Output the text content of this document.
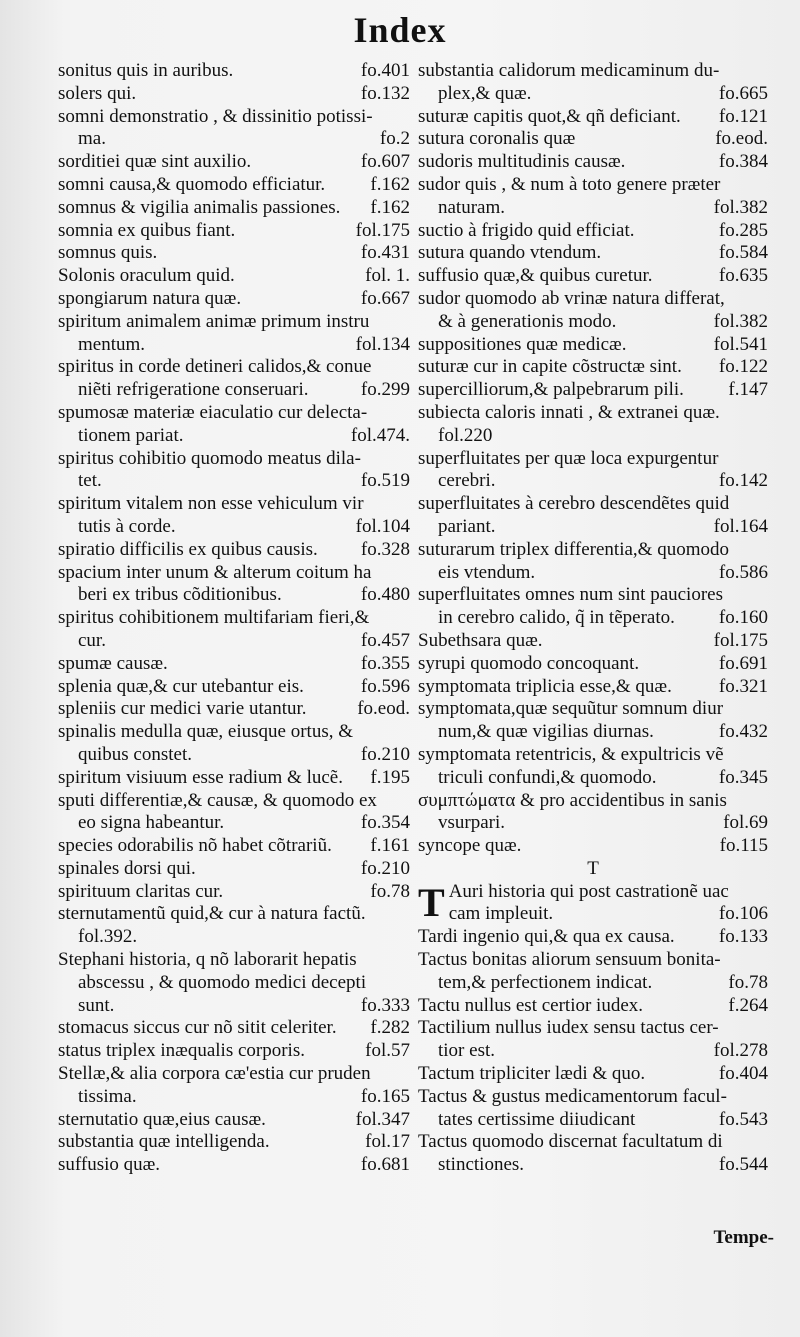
Index
sonitus quis in auribus.	fo.401
solers qui.	fo.132
somni demonstratio , & dissinitio potissi-
ma.	fo.2
sorditiei quæ sint auxilio.	fo.607
somni causa,& quomodo efficiatur.	f.162
somnus & vigilia animalis passiones.	f.162
somnia ex quibus fiant.	fol.175
somnus quis.	fo.431
Solonis oraculum quid.	fol. 1.
spongiarum natura quæ.	fo.667
spiritum animalem animæ primum instru
mentum.	fol.134
spiritus in corde detineri calidos,& conue
niẽti refrigeratione conseruari.	fo.299
spumosæ materiæ eiaculatio cur delecta-
tionem pariat.	fol.474.
spiritus cohibitio quomodo meatus dila-
tet.	fo.519
spiritum vitalem non esse vehiculum vir
tutis à corde.	fol.104
spiratio difficilis ex quibus causis.	fo.328
spacium inter unum & alterum coitum ha
beri ex tribus cõditionibus.	fo.480
spiritus cohibitionem multifariam fieri,&
cur.	fo.457
spumæ causæ.	fo.355
splenia quæ,& cur utebantur eis.	fo.596
spleniis cur medici varie utantur.	fo.eod.
spinalis medulla quæ, eiusque ortus, &
quibus constet.	fo.210
spiritum visiuum esse radium & lucẽ.	f.195
sputi differentiæ,& causæ, & quomodo ex
eo signa habeantur.	fo.354
species odorabilis nõ habet cõtrariũ.	f.161
spinales dorsi qui.	fo.210
spirituum claritas cur.	fo.78
sternutamentũ quid,& cur à natura factũ.
fol.392.
Stephani historia, q nõ laborarit hepatis
abscessu , & quomodo medici decepti
sunt.	fo.333
stomacus siccus cur nõ sitit celeriter.	f.282
status triplex inæqualis corporis.	fol.57
Stellæ,& alia corpora cæ'estia cur pruden
tissima.	fo.165
sternutatio quæ,eius causæ.	fol.347
substantia quæ intelligenda.	fol.17
suffusio quæ.	fo.681
substantia calidorum medicaminum du-
plex,& quæ.	fo.665
suturæ capitis quot,& qñ deficiant.	fo.121
sutura coronalis quæ	fo.eod.
sudoris multitudinis causæ.	fo.384
sudor quis , & num à toto genere præter
naturam.	fol.382
suctio à frigido quid efficiat.	fo.285
sutura quando vtendum.	fo.584
suffusio quæ,& quibus curetur.	fo.635
sudor quomodo ab vrinæ natura differat,
& à generationis modo.	fol.382
suppositiones quæ medicæ.	fol.541
suturæ cur in capite cõstructæ sint.	fo.122
supercilliorum,& palpebrarum pili.	f.147
subiecta caloris innati , & extranei quæ.
fol.220
superfluitates per quæ loca expurgentur
cerebri.	fo.142
superfluitates à cerebro descendẽtes quid
pariant.	fol.164
suturarum triplex differentia,& quomodo
eis vtendum.	fo.586
superfluitates omnes num sint pauciores
in cerebro calido, q̃ in tẽperato.	fo.160
Subethsara quæ.	fol.175
syrupi quomodo concoquant.	fo.691
symptomata triplicia esse,& quæ.	fo.321
symptomata,quæ sequũtur somnum diur
num,& quæ vigilias diurnas.	fo.432
symptomata retentricis, & expultricis vẽ
triculi confundi,& quomodo.	fo.345
συμπτώματα & pro accidentibus in sanis
vsurpari.	fol.69
syncope quæ.	fo.115
T
T Auri historia qui post castrationẽ uac
cam impleuit.	fo.106
Tardi ingenio qui,& qua ex causa.	fo.133
Tactus bonitas aliorum sensuum bonita-
tem,& perfectionem indicat.	fo.78
Tactu nullus est certior iudex.	f.264
Tactilium nullus iudex sensu tactus cer-
tior est.	fol.278
Tactum tripliciter lædi & quo.	fo.404
Tactus & gustus medicamentorum facul-
tates certissime diiudicant	fo.543
Tactus quomodo discernat facultatum di
stinctiones.	fo.544
Tempe-
